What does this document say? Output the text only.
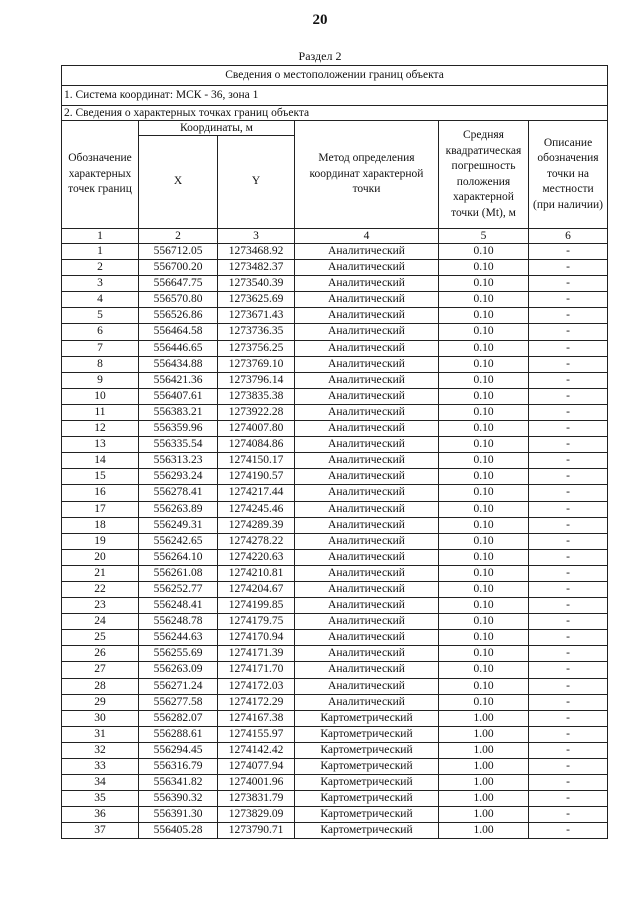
20
Раздел 2
Сведения о местоположении границ объекта					
1. Система координат: МСК - 36, зона 1					
2. Сведения о характерных точках границ объекта					
Обозначение характерных точек границ	Координаты, м		Метод определения координат характерной точки	Средняя квадратическая погрешность положения характерной точки (Mt), м	Описание обозначения точки на местности (при наличии)
	X	Y			
1	2	3	4	5	6
1	556712.05	1273468.92	Аналитический	0.10	-
2	556700.20	1273482.37	Аналитический	0.10	-
3	556647.75	1273540.39	Аналитический	0.10	-
4	556570.80	1273625.69	Аналитический	0.10	-
5	556526.86	1273671.43	Аналитический	0.10	-
6	556464.58	1273736.35	Аналитический	0.10	-
7	556446.65	1273756.25	Аналитический	0.10	-
8	556434.88	1273769.10	Аналитический	0.10	-
9	556421.36	1273796.14	Аналитический	0.10	-
10	556407.61	1273835.38	Аналитический	0.10	-
11	556383.21	1273922.28	Аналитический	0.10	-
12	556359.96	1274007.80	Аналитический	0.10	-
13	556335.54	1274084.86	Аналитический	0.10	-
14	556313.23	1274150.17	Аналитический	0.10	-
15	556293.24	1274190.57	Аналитический	0.10	-
16	556278.41	1274217.44	Аналитический	0.10	-
17	556263.89	1274245.46	Аналитический	0.10	-
18	556249.31	1274289.39	Аналитический	0.10	-
19	556242.65	1274278.22	Аналитический	0.10	-
20	556264.10	1274220.63	Аналитический	0.10	-
21	556261.08	1274210.81	Аналитический	0.10	-
22	556252.77	1274204.67	Аналитический	0.10	-
23	556248.41	1274199.85	Аналитический	0.10	-
24	556248.78	1274179.75	Аналитический	0.10	-
25	556244.63	1274170.94	Аналитический	0.10	-
26	556255.69	1274171.39	Аналитический	0.10	-
27	556263.09	1274171.70	Аналитический	0.10	-
28	556271.24	1274172.03	Аналитический	0.10	-
29	556277.58	1274172.29	Аналитический	0.10	-
30	556282.07	1274167.38	Картометрический	1.00	-
31	556288.61	1274155.97	Картометрический	1.00	-
32	556294.45	1274142.42	Картометрический	1.00	-
33	556316.79	1274077.94	Картометрический	1.00	-
34	556341.82	1274001.96	Картометрический	1.00	-
35	556390.32	1273831.79	Картометрический	1.00	-
36	556391.30	1273829.09	Картометрический	1.00	-
37	556405.28	1273790.71	Картометрический	1.00	-
